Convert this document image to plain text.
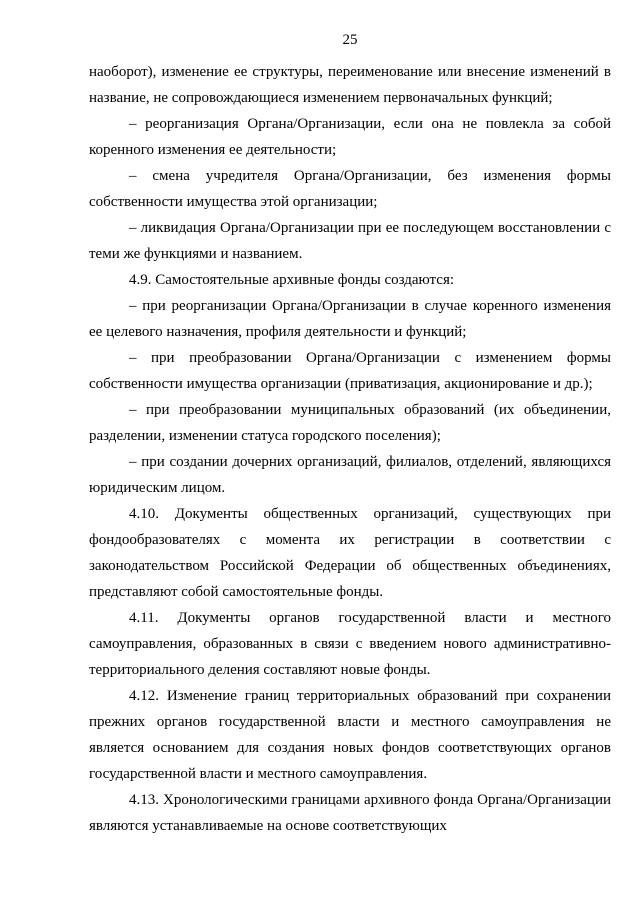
25

наоборот), изменение ее структуры, переименование или внесение изменений в название, не сопровождающиеся изменением первоначальных функций;

– реорганизация Органа/Организации, если она не повлекла за собой коренного изменения ее деятельности;

– смена учредителя Органа/Организации, без изменения формы собственности имущества этой организации;

– ликвидация Органа/Организации при ее последующем восстановлении с теми же функциями и названием.

4.9. Самостоятельные архивные фонды создаются:

– при реорганизации Органа/Организации в случае коренного изменения ее целевого назначения, профиля деятельности и функций;

– при преобразовании Органа/Организации с изменением формы собственности имущества организации (приватизация, акционирование и др.);

– при преобразовании муниципальных образований (их объединении, разделении, изменении статуса городского поселения);

– при создании дочерних организаций, филиалов, отделений, являющихся юридическим лицом.

4.10. Документы общественных организаций, существующих при фондообразователях с момента их регистрации в соответствии с законодательством Российской Федерации об общественных объединениях, представляют собой самостоятельные фонды.

4.11. Документы органов государственной власти и местного самоуправления, образованных в связи с введением нового административно-территориального деления составляют новые фонды.

4.12. Изменение границ территориальных образований при сохранении прежних органов государственной власти и местного самоуправления не является основанием для создания новых фондов соответствующих органов государственной власти и местного самоуправления.

4.13. Хронологическими границами архивного фонда Органа/Организации являются устанавливаемые на основе соответствующих
